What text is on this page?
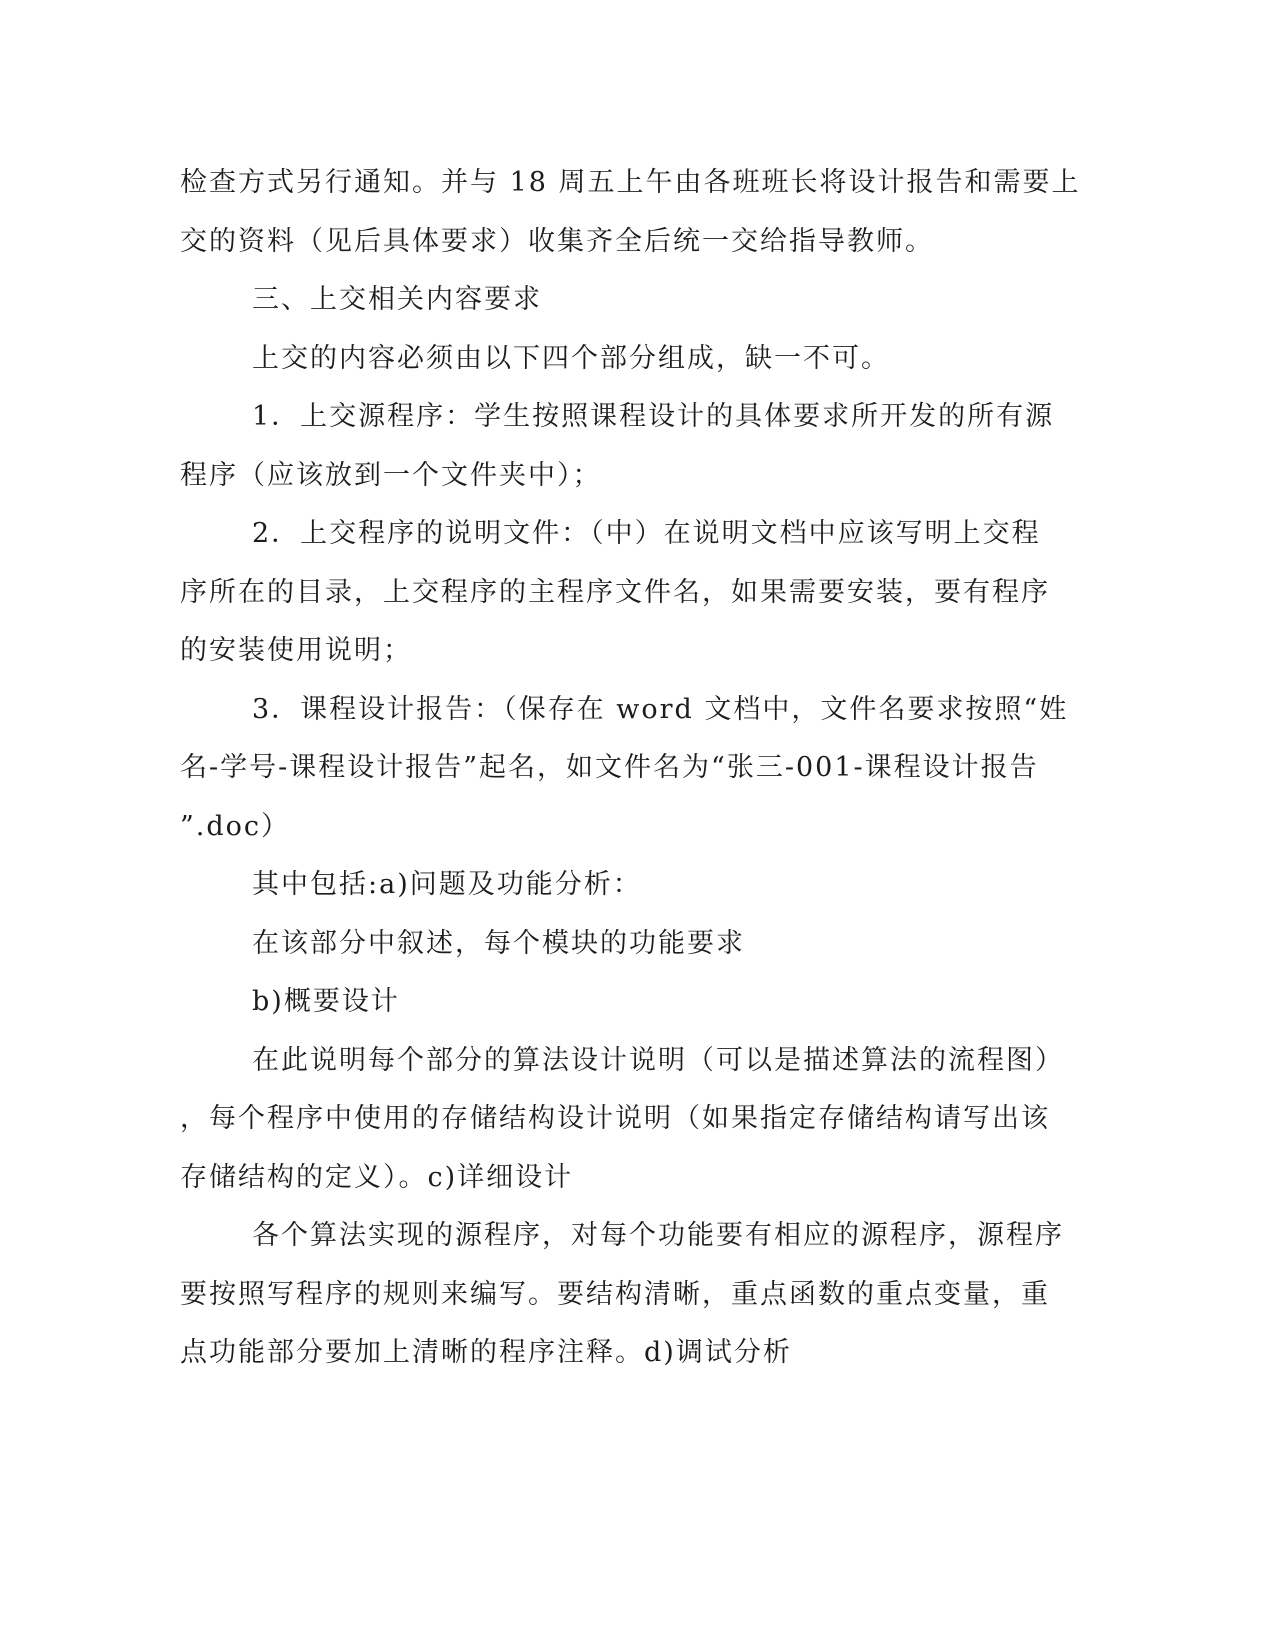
检查方式另行通知。并与 18 周五上午由各班班长将设计报告和需要上

交的资料（见后具体要求）收集齐全后统一交给指导教师。

三、上交相关内容要求

上交的内容必须由以下四个部分组成，缺一不可。

1．上交源程序：学生按照课程设计的具体要求所开发的所有源

程序（应该放到一个文件夹中）；

2．上交程序的说明文件：（中）在说明文档中应该写明上交程

序所在的目录，上交程序的主程序文件名，如果需要安装，要有程序

的安装使用说明；

3．课程设计报告：（保存在 word 文档中，文件名要求按照“姓

名-学号-课程设计报告”起名，如文件名为“张三-001-课程设计报告

”.doc）

其中包括:a)问题及功能分析：

在该部分中叙述，每个模块的功能要求

b)概要设计

在此说明每个部分的算法设计说明（可以是描述算法的流程图）

，每个程序中使用的存储结构设计说明（如果指定存储结构请写出该

存储结构的定义）。c)详细设计

各个算法实现的源程序，对每个功能要有相应的源程序，源程序

要按照写程序的规则来编写。要结构清晰，重点函数的重点变量，重

点功能部分要加上清晰的程序注释。d)调试分析
